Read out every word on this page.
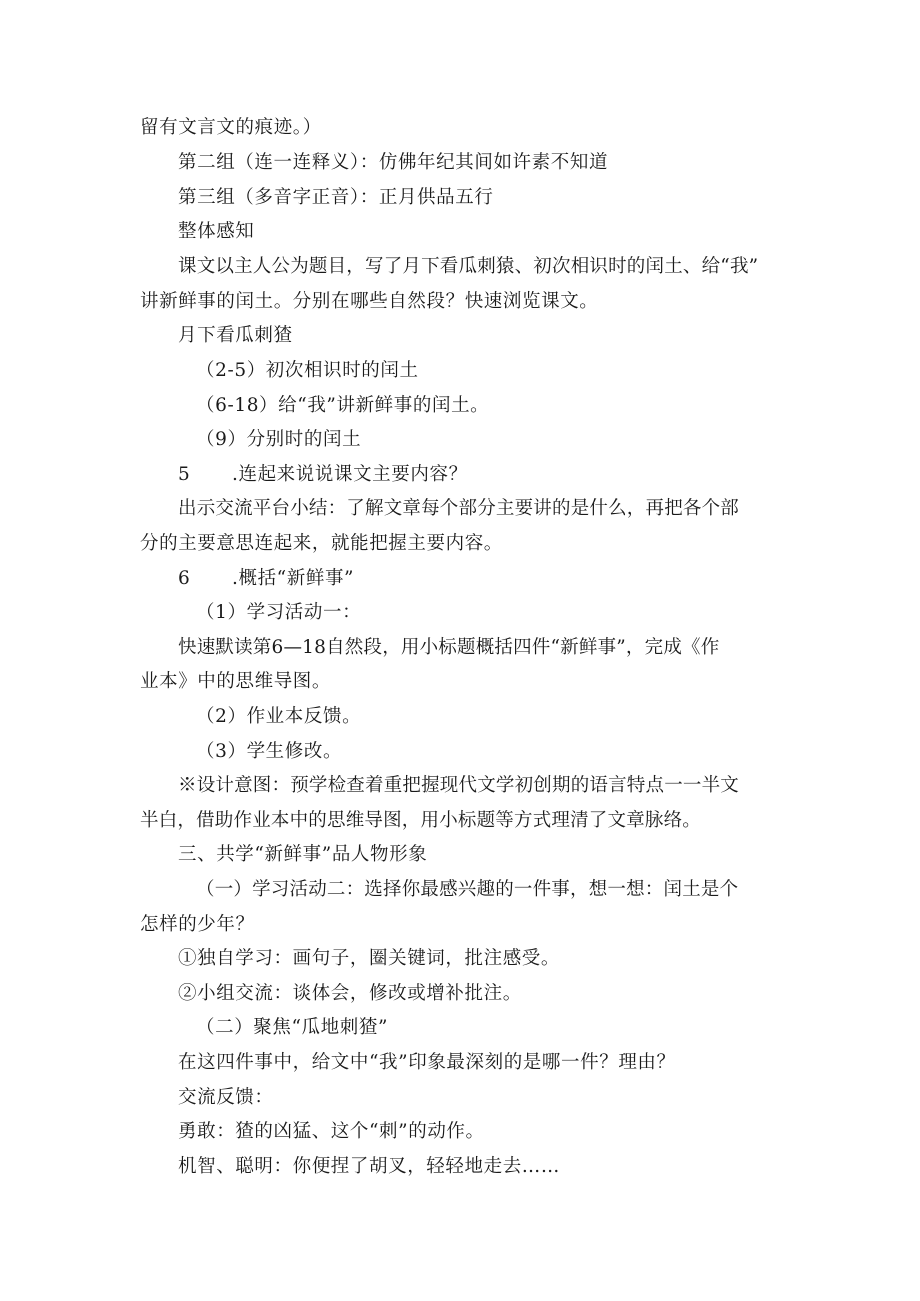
留有文言文的痕迹。）
第二组（连一连释义）：仿佛年纪其间如许素不知道
第三组（多音字正音）：正月供品五行
整体感知
课文以主人公为题目，写了月下看瓜刺猿、初次相识时的闰土、给“我”
讲新鲜事的闰土。分别在哪些自然段？快速浏览课文。
月下看瓜刺猹
（2-5）初次相识时的闰土
（6-18）给“我”讲新鲜事的闰土。
（9）分别时的闰土
5 .连起来说说课文主要内容？
出示交流平台小结：了解文章每个部分主要讲的是什么，再把各个部
分的主要意思连起来，就能把握主要内容。
6 .概括“新鲜事”
（1）学习活动一：
快速默读第6—18自然段，用小标题概括四件“新鲜事”，完成《作
业本》中的思维导图。
（2）作业本反馈。
（3）学生修改。
※设计意图：预学检查着重把握现代文学初创期的语言特点一一半文
半白，借助作业本中的思维导图，用小标题等方式理清了文章脉络。
三、共学“新鲜事”品人物形象
（一）学习活动二：选择你最感兴趣的一件事，想一想：闰土是个
怎样的少年？
①独自学习：画句子，圈关键词，批注感受。
②小组交流：谈体会，修改或增补批注。
（二）聚焦“瓜地刺猹”
在这四件事中，给文中“我”印象最深刻的是哪一件？理由？
交流反馈：
勇敢：猹的凶猛、这个“刺”的动作。
机智、聪明：你便捏了胡叉，轻轻地走去……
